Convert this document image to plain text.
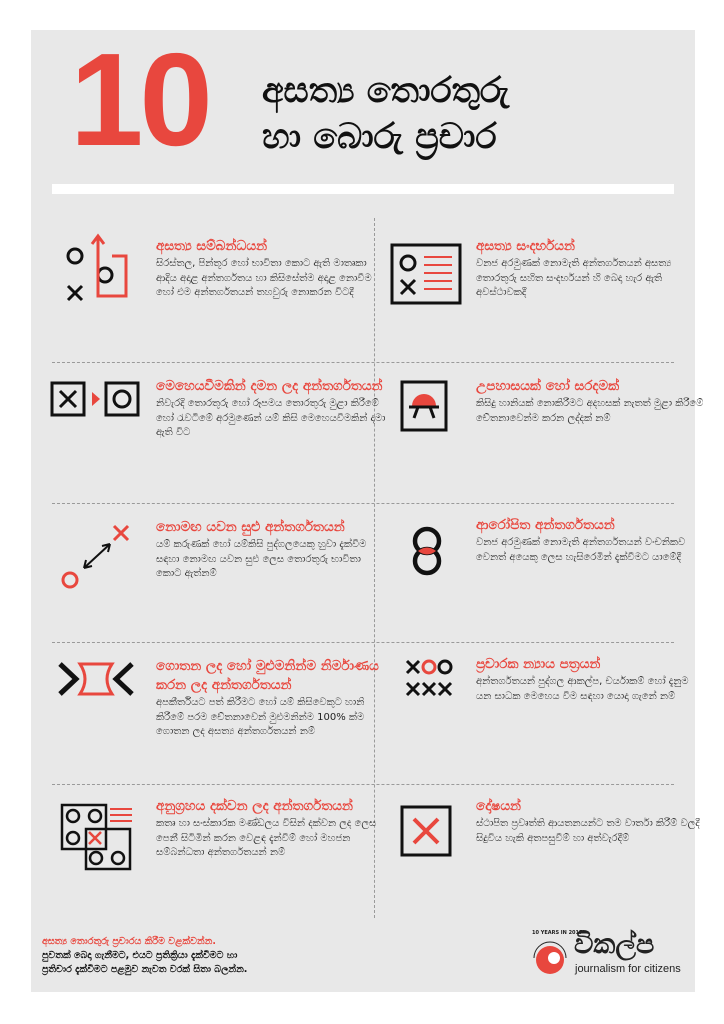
10 අසත්‍ය තොරතුරු
හා බොරු ප්‍රචාර
අසත්‍ය සම්බන්ධයන්
සිරස්තල, පින්තූර හෝ භාවිතා කොට ඇති මාතෘකා ආදිය අදාළ අන්තර්ගතය හා කිසිසේත්ම අදාළ නොවීම හෝ එම අන්තර්ගතයන් තහවුරු නොකරන විටදී
අසත්‍ය සංදර්භයන්
වනජ අරමුණක් නොමැති අන්තර්ගතයන් අසත්‍ය තොරතුරු සහිත සංදර්භයන් හි බෙදා හැර ඇති අවස්ථාවකදී
මෙහෙයවීමකින් දමන ලද අන්තර්ගතයන්
නිවැරදි තොරතුරු හෝ රූපමය තොරතුරු මුළා කිරීමේ හෝ රැවටීමේ අරමුණෙන් යම් කිසි මෙහෙයවීමකින් දමා ඇති විට
උපහාසයක් හෝ සරදමක්
කිසිදු හානියක් නොකිරීමට අදහසක් නැතත් මුළා කිරීමේ චේතනාවෙන්ම කරන ලද්දක් නම්
නොමඟ යවන සුළු අන්තර්ගතයන්
යම් කරුණක් හෝ යම්කිසි පුද්ගලයෙකු හුවා දැක්වීම සඳහා නොමඟ යවන සුළු ලෙස තොරතුරු භාවිතා කොට ඇත්නම්
ආරෝපිත අන්තර්ගතයන්
වනජ අරමුණක් නොමැති අන්තර්ගතයන් වංචනිකව වෙනත් අයෙකු ලෙස හැසිරෙමින් දැක්වීමට යාමේදී
ගොතන ලද හෝ මුළුමනින්ම නිර්මාණය කරන ලද අන්තර්ගතයන්
අපකීර්තියට පත් කිරීමට හෝ යම් කිසිවෙකුට හානි කිරීමේ පරම චේතනාවෙන් මුළුමනින්ම 100% ක්ම ගොතන ලද අසත්‍ය අන්තර්ගතයන් නම්
ප්‍රචාරක න්‍යාය පත්‍රයන්
අන්තර්ගතයන් පුද්ගල ආකල්ප, චර්යාකම් හෝ දැනුම යන සාධක මෙහෙය වීම සඳහා යොදා ගැනේ නම්
අනුග්‍රහය දක්වන ලද අන්තර්ගතයන්
කතෘ හා සංස්කාරක මණ්ඩලය විසින් දක්වන ලද ලෙස පෙනී සිටිමින් කරන වෙළඳ දැන්වීම් හෝ මහජන සම්බන්ධතා අන්තර්ගතයන් නම්
දෝෂයන්
ස්ථාපිත ප්‍රවෘත්ති ආයතනයන්ට තම වාර්තා කිරීම් වලදී සිදුවිය හැකි අතපසුවීම් හා අත්වැරදීම්
අසත්‍ය තොරතුරු ප්‍රචාරය කිරීම වළක්වන්න.
පුවතක් බෙදා ගැනීමට, එයට ප්‍රතික්‍රියා දැක්වීමට හා
ප්‍රතිචාර දැක්වීමට පළමුව නැවත වරක් සිතා බලන්න.
10 YEARS IN 2017
විකල්ප
journalism for citizens
